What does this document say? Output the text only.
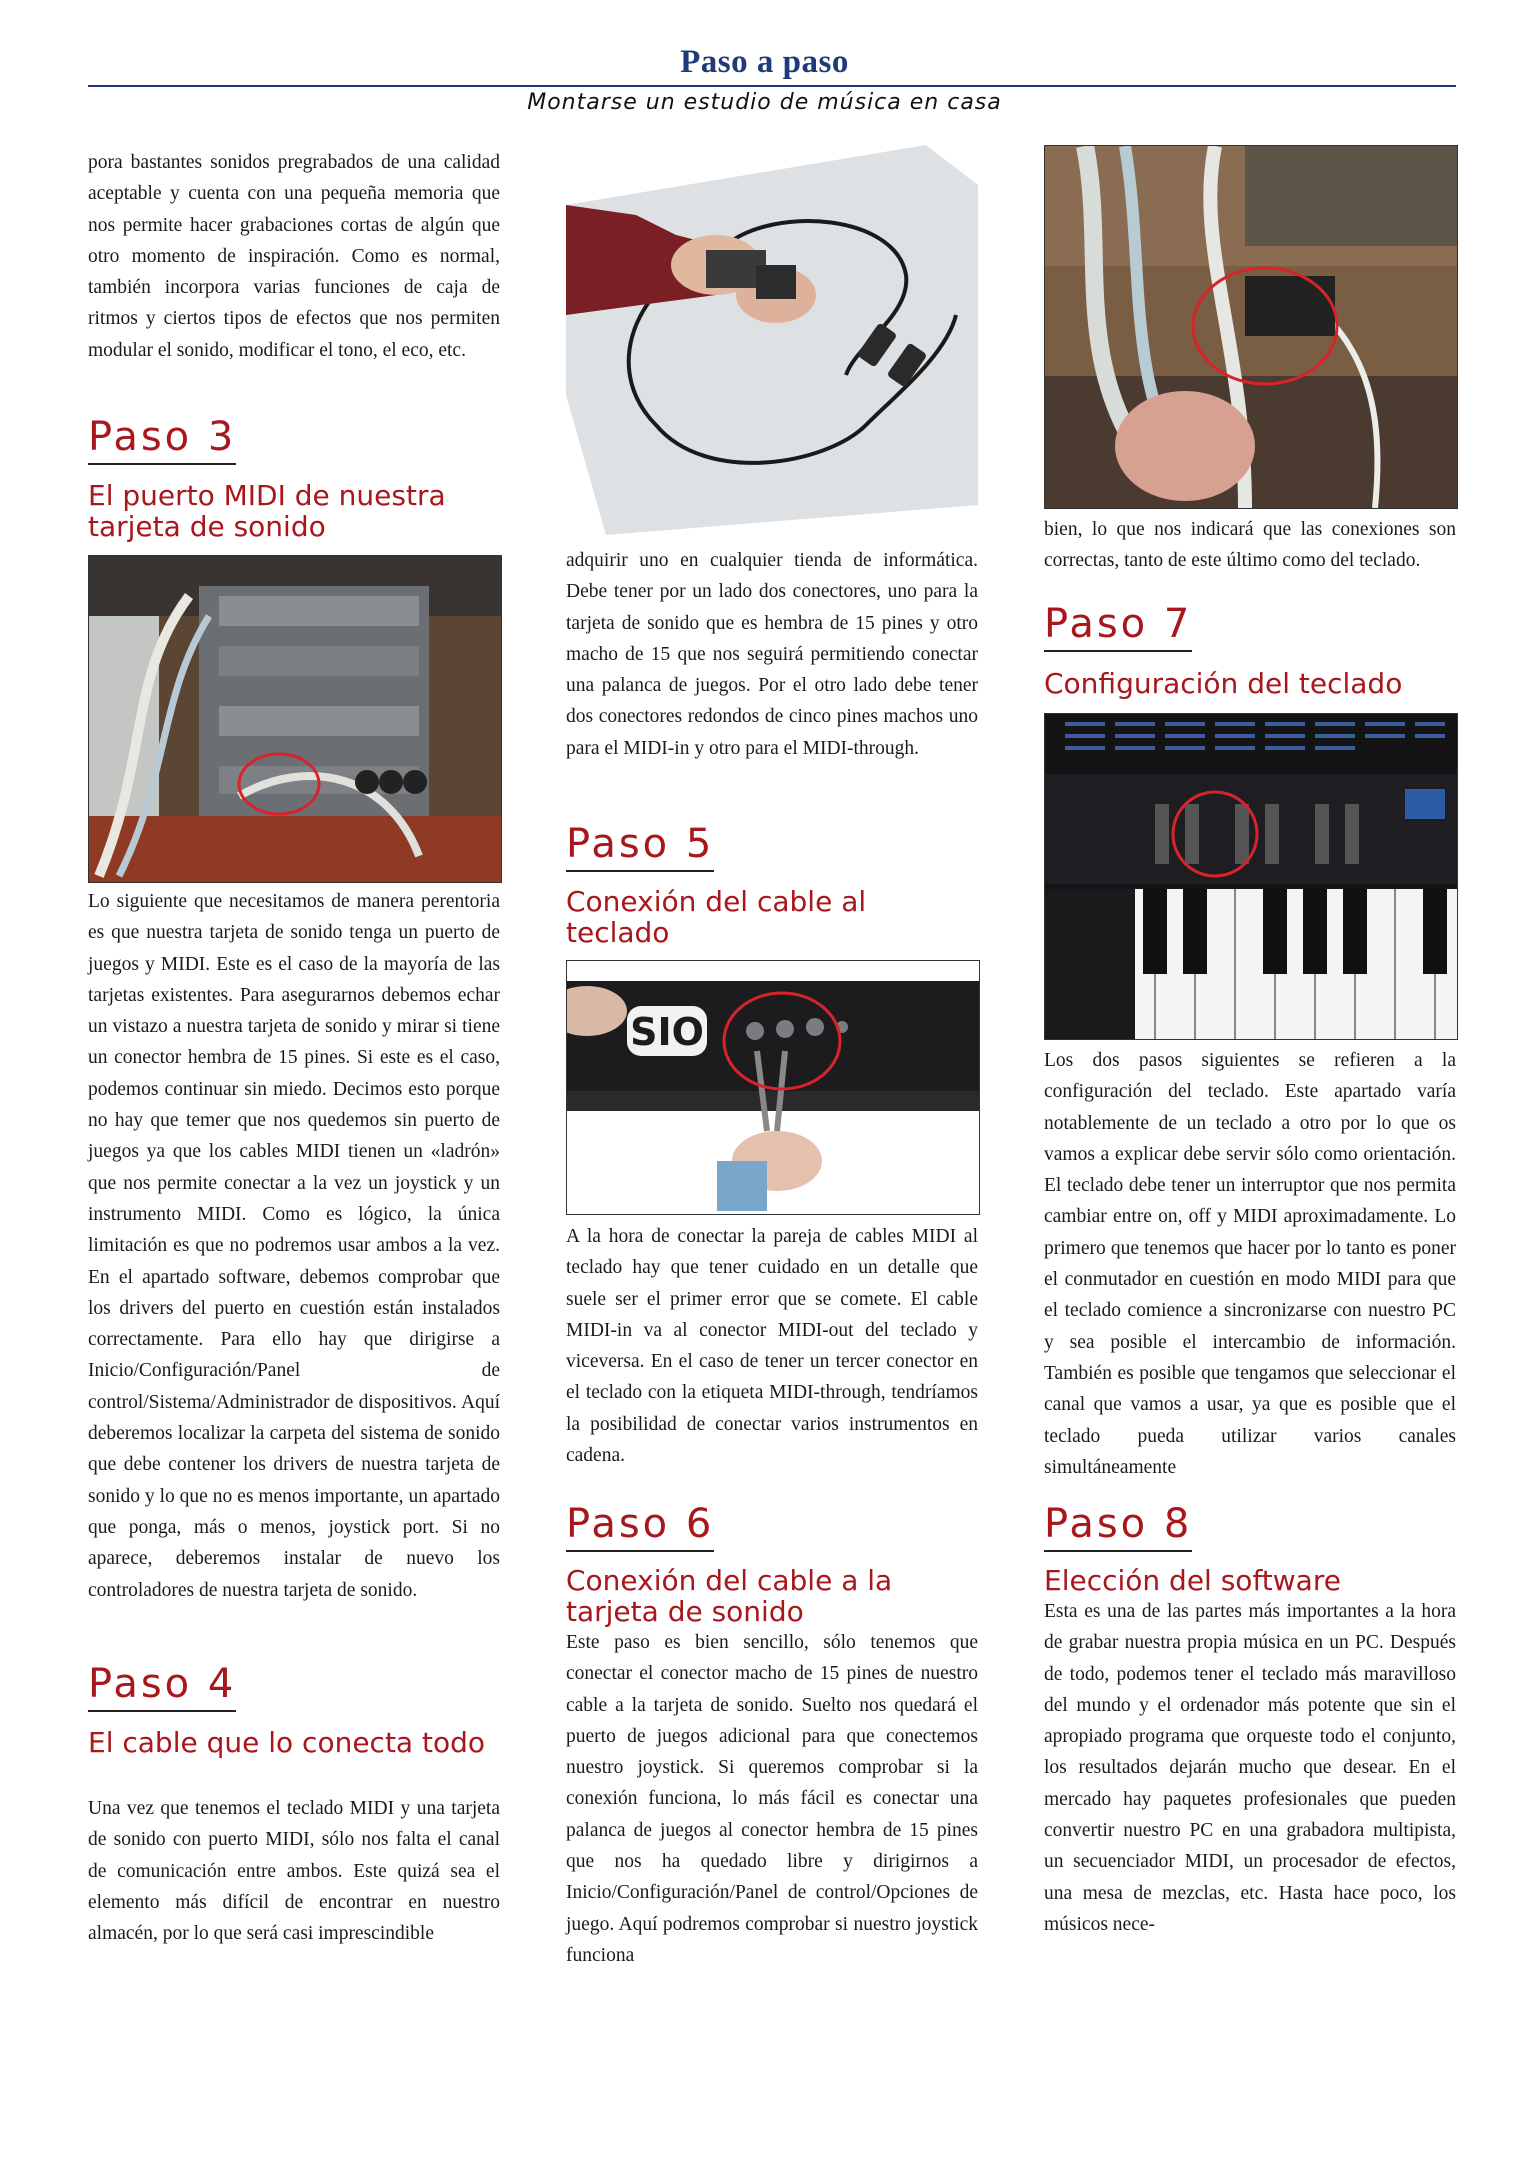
Paso a paso
Montarse un estudio de música en casa

pora bastantes sonidos pregrabados de una calidad aceptable y cuenta con una pequeña memoria que nos permite hacer grabaciones cortas de algún que otro momento de inspiración. Como es normal, también incorpora varias funciones de caja de ritmos y ciertos tipos de efectos que nos permiten modular el sonido, modificar el tono, el eco, etc.

Paso 3

El puerto MIDI de nuestra tarjeta de sonido

Lo siguiente que necesitamos de manera perentoria es que nuestra tarjeta de sonido tenga un puerto de juegos y MIDI. Este es el caso de la mayoría de las tarjetas existentes. Para asegurarnos debemos echar un vistazo a nuestra tarjeta de sonido y mirar si tiene un conector hembra de 15 pines. Si este es el caso, podemos continuar sin miedo. Decimos esto porque no hay que temer que nos quedemos sin puerto de juegos ya que los cables MIDI tienen un «ladrón» que nos permite conectar a la vez un joystick y un instrumento MIDI. Como es lógico, la única limitación es que no podremos usar ambos a la vez. En el apartado software, debemos comprobar que los drivers del puerto en cuestión están instalados correctamente. Para ello hay que dirigirse a Inicio/Configuración/Panel de control/Sistema/Administrador de dispositivos. Aquí deberemos localizar la carpeta del sistema de sonido que debe contener los drivers de nuestra tarjeta de sonido y lo que no es menos importante, un apartado que ponga, más o menos, joystick port. Si no aparece, deberemos instalar de nuevo los controladores de nuestra tarjeta de sonido.

Paso 4

El cable que lo conecta todo

Una vez que tenemos el teclado MIDI y una tarjeta de sonido con puerto MIDI, sólo nos falta el canal de comunicación entre ambos. Este quizá sea el elemento más difícil de encontrar en nuestro almacén, por lo que será casi imprescindible

adquirir uno en cualquier tienda de informática. Debe tener por un lado dos conectores, uno para la tarjeta de sonido que es hembra de 15 pines y otro macho de 15 que nos seguirá permitiendo conectar una palanca de juegos. Por el otro lado debe tener dos conectores redondos de cinco pines machos uno para el MIDI-in y otro para el MIDI-through.

Paso 5

Conexión del cable al teclado

SIO

A la hora de conectar la pareja de cables MIDI al teclado hay que tener cuidado en un detalle que suele ser el primer error que se comete. El cable MIDI-in va al conector MIDI-out del teclado y viceversa. En el caso de tener un tercer conector en el teclado con la etiqueta MIDI-through, tendríamos la posibilidad de conectar varios instrumentos en cadena.

Paso 6

Conexión del cable a la tarjeta de sonido

Este paso es bien sencillo, sólo tenemos que conectar el conector macho de 15 pines de nuestro cable a la tarjeta de sonido. Suelto nos quedará el puerto de juegos adicional para que conectemos nuestro joystick. Si queremos comprobar si la conexión funciona, lo más fácil es conectar una palanca de juegos al conector hembra de 15 pines que nos ha quedado libre y dirigirnos a Inicio/Configuración/Panel de control/Opciones de juego. Aquí podremos comprobar si nuestro joystick funciona

bien, lo que nos indicará que las conexiones son correctas, tanto de este último como del teclado.

Paso 7

Configuración del teclado

Los dos pasos siguientes se refieren a la configuración del teclado. Este apartado varía notablemente de un teclado a otro por lo que os vamos a explicar debe servir sólo como orientación. El teclado debe tener un interruptor que nos permita cambiar entre on, off y MIDI aproximadamente. Lo primero que tenemos que hacer por lo tanto es poner el conmutador en cuestión en modo MIDI para que el teclado comience a sincronizarse con nuestro PC y sea posible el intercambio de información. También es posible que tengamos que seleccionar el canal que vamos a usar, ya que es posible que el teclado pueda utilizar varios canales simultáneamente

Paso 8

Elección del software

Esta es una de las partes más importantes a la hora de grabar nuestra propia música en un PC. Después de todo, podemos tener el teclado más maravilloso del mundo y el ordenador más potente que sin el apropiado programa que orqueste todo el conjunto, los resultados dejarán mucho que desear. En el mercado hay paquetes profesionales que pueden convertir nuestro PC en una grabadora multipista, un secuenciador MIDI, un procesador de efectos, una mesa de mezclas, etc. Hasta hace poco, los músicos nece-
